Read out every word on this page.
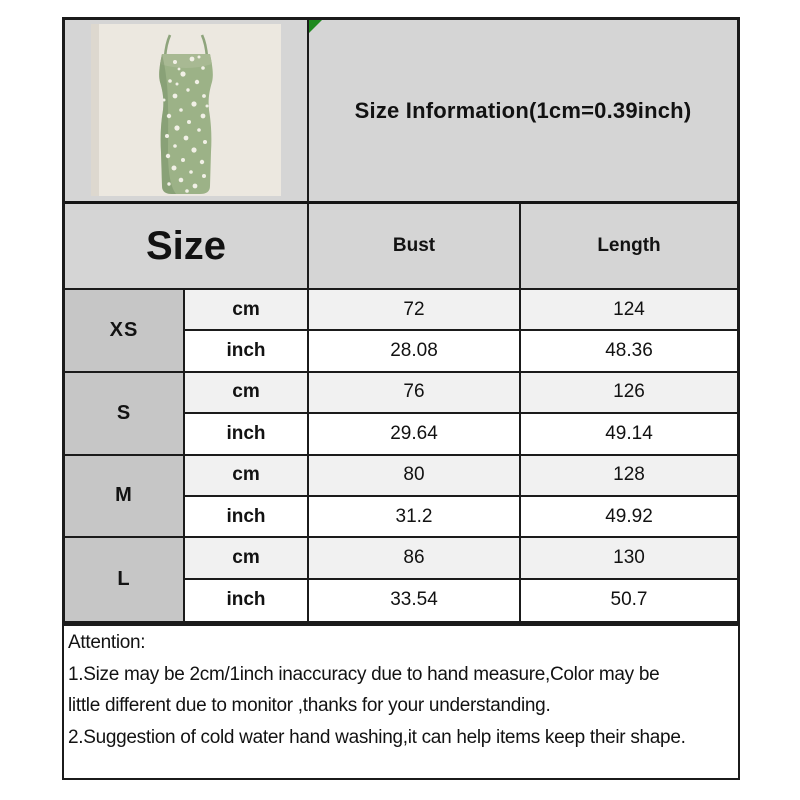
Size Information(1cm=0.39inch)
Size	Bust	Length
XS
cm	72	124
inch	28.08	48.36
S
cm	76	126
inch	29.64	49.14
M
cm	80	128
inch	31.2	49.92
L
cm	86	130
inch	33.54	50.7
Attention:
1.Size may be 2cm/1inch inaccuracy due to hand measure,Color may be
little different due to monitor ,thanks for your understanding.
2.Suggestion of cold water hand washing,it can help items keep their shape.
